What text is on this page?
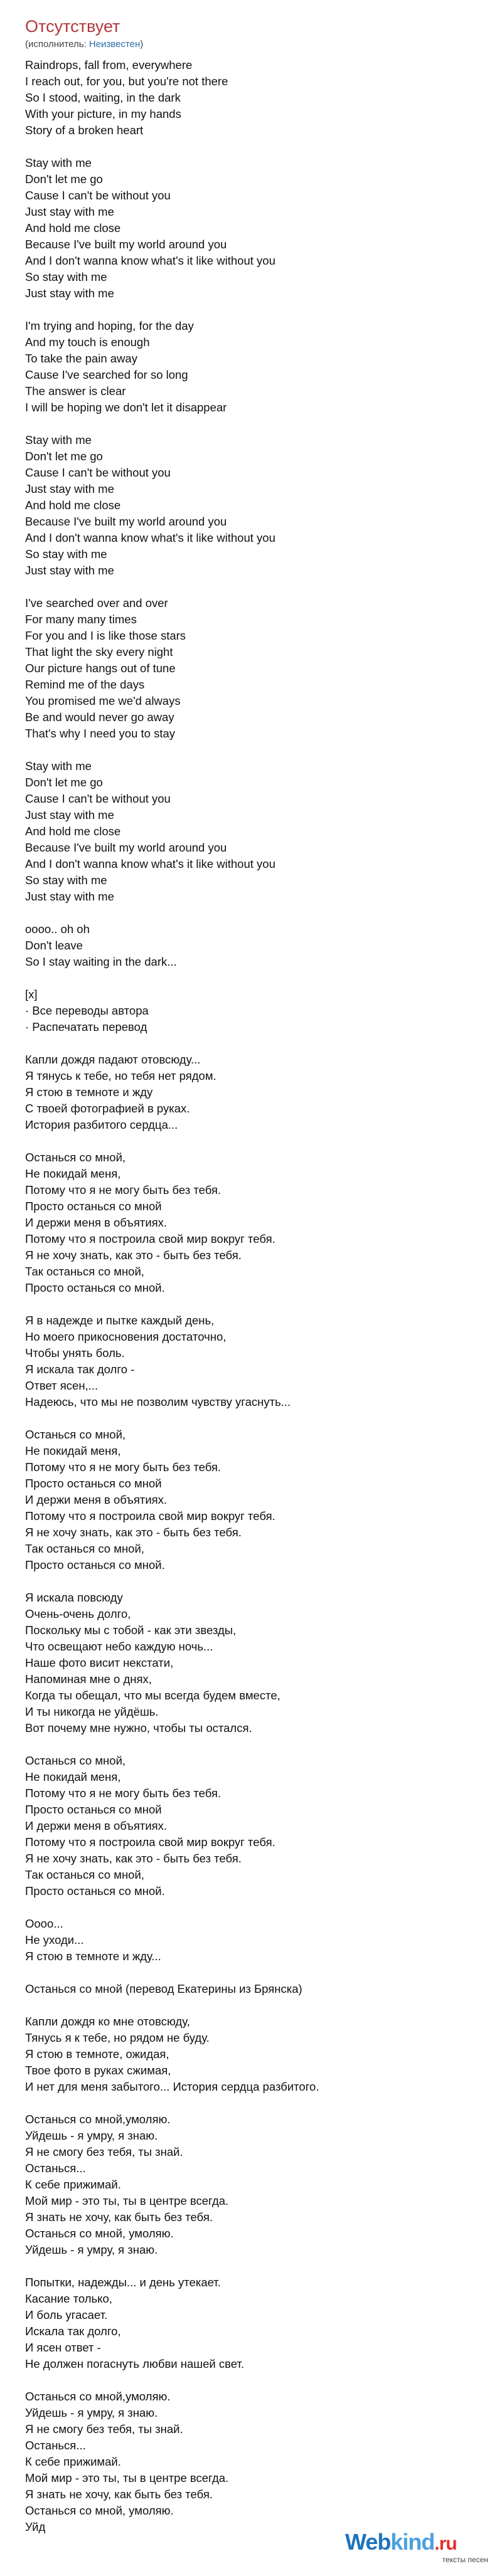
Отсутствует
(исполнитель: Неизвестен)
Raindrops, fall from, everywhere
I reach out, for you, but you're not there
So I stood, waiting, in the dark
With your picture, in my hands
Story of a broken heart
Stay with me
Don't let me go
Cause I can't be without you
Just stay with me
And hold me close
Because I've built my world around you
And I don't wanna know what's it like without you
So stay with me
Just stay with me
I'm trying and hoping, for the day
And my touch is enough
To take the pain away
Cause I've searched for so long
The answer is clear
I will be hoping we don't let it disappear
Stay with me
Don't let me go
Cause I can't be without you
Just stay with me
And hold me close
Because I've built my world around you
And I don't wanna know what's it like without you
So stay with me
Just stay with me
I've searched over and over
For many many times
For you and I is like those stars
That light the sky every night
Our picture hangs out of tune
Remind me of the days
You promised me we'd always
Be and would never go away
That's why I need you to stay
Stay with me
Don't let me go
Cause I can't be without you
Just stay with me
And hold me close
Because I've built my world around you
And I don't wanna know what's it like without you
So stay with me
Just stay with me
oooo.. oh oh
Don't leave
So I stay waiting in the dark...
[x]
· Все переводы автора
· Распечатать перевод
Капли дождя падают отовсюду...
Я тянусь к тебе, но тебя нет рядом.
Я стою в темноте и жду
С твоей фотографией в руках.
История разбитого сердца...
Останься со мной,
Не покидай меня,
Потому что я не могу быть без тебя.
Просто останься со мной
И держи меня в объятиях.
Потому что я построила свой мир вокруг тебя.
Я не хочу знать, как это - быть без тебя.
Так останься со мной,
Просто останься со мной.
Я в надежде и пытке каждый день,
Но моего прикосновения достаточно,
Чтобы унять боль.
Я искала так долго -
Ответ ясен,...
Надеюсь, что мы не позволим чувству угаснуть...
Останься со мной,
Не покидай меня,
Потому что я не могу быть без тебя.
Просто останься со мной
И держи меня в объятиях.
Потому что я построила свой мир вокруг тебя.
Я не хочу знать, как это - быть без тебя.
Так останься со мной,
Просто останься со мной.
Я искала повсюду
Очень-очень долго,
Поскольку мы с тобой - как эти звезды,
Что освещают небо каждую ночь...
Наше фото висит некстати,
Напоминая мне о днях,
Когда ты обещал, что мы всегда будем вместе,
И ты никогда не уйдёшь.
Вот почему мне нужно, чтобы ты остался.
Останься со мной,
Не покидай меня,
Потому что я не могу быть без тебя.
Просто останься со мной
И держи меня в объятиях.
Потому что я построила свой мир вокруг тебя.
Я не хочу знать, как это - быть без тебя.
Так останься со мной,
Просто останься со мной.
Оооо...
Не уходи...
Я стою в темноте и жду...
Останься со мной (перевод Екатерины из Брянска)
Капли дождя ко мне отовсюду,
Тянусь я к тебе, но рядом не буду.
Я стою в темноте, ожидая,
Твое фото в руках сжимая,
И нет для меня забытого... История сердца разбитого.
Останься со мной,умоляю.
Уйдешь - я умру, я знаю.
Я не смогу без тебя, ты знай.
Останься...
К себе прижимай.
Мой мир - это ты, ты в центре всегда.
Я знать не хочу, как быть без тебя.
Останься со мной, умоляю.
Уйдешь - я умру, я знаю.
Попытки, надежды... и день утекает.
Касание только,
И боль угасает.
Искала так долго,
И ясен ответ -
Не должен погаснуть любви нашей свет.
Останься со мной,умоляю.
Уйдешь - я умру, я знаю.
Я не смогу без тебя, ты знай.
Останься...
К себе прижимай.
Мой мир - это ты, ты в центре всегда.
Я знать не хочу, как быть без тебя.
Останься со мной, умоляю.
Уйд
Webkind.ru
тексты песен
